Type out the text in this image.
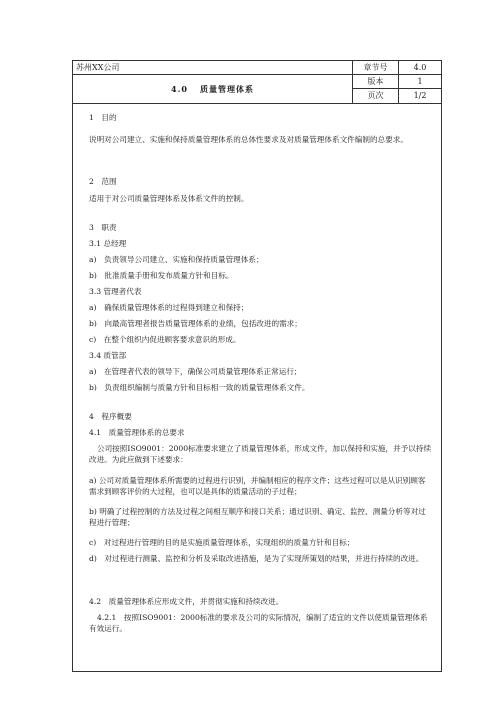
苏州XX公司
4.0 质量管理体系
章节号	4.0
版本	1
页次	1/2
1　目的
说明对公司建立、实施和保持质量管理体系的总体性要求及对质量管理体系文件编制的总要求。
2　范围
适用于对公司质量管理体系及体系文件的控制。
3　职责
3.1 总经理
a)　负责领导公司建立、实施和保持质量管理体系；
b)　批准质量手册和发布质量方针和目标。
3.3 管理者代表
a)　确保质量管理体系的过程得到建立和保持；
b)　向最高管理者报告质量管理体系的业绩，包括改进的需求；
c)　在整个组织内促进顾客要求意识的形成。
3.4 质管部
a)　在管理者代表的领导下，确保公司质量管理体系正常运行；
b)　负责组织编制与质量方针和目标相一致的质量管理体系文件。
4　程序概要
4.1　质量管理体系的总要求
公司按照ISO9001：2000标准要求建立了质量管理体系，形成文件，加以保持和实施，并予以持续改进。为此应做到下述要求：
a) 公司对质量管理体系所需要的过程进行识别，并编制相应的程序文件；这些过程可以是从识别顾客需求到顾客评价的大过程，也可以是具体的质量活动的子过程；
b) 明确了过程控制的方法及过程之间相互顺序和接口关系；通过识别、确定、监控、测量分析等对过程进行管理；
c)　对过程进行管理的目的是实施质量管理体系，实现组织的质量方针和目标；
d)　对过程进行测量、监控和分析及采取改进措施，是为了实现所策划的结果，并进行持续的改进。
4.2　质量管理体系应形成文件，并贯彻实施和持续改进。
4.2.1　按照ISO9001：2000标准的要求及公司的实际情况，编制了适宜的文件以使质量管理体系有效运行。
